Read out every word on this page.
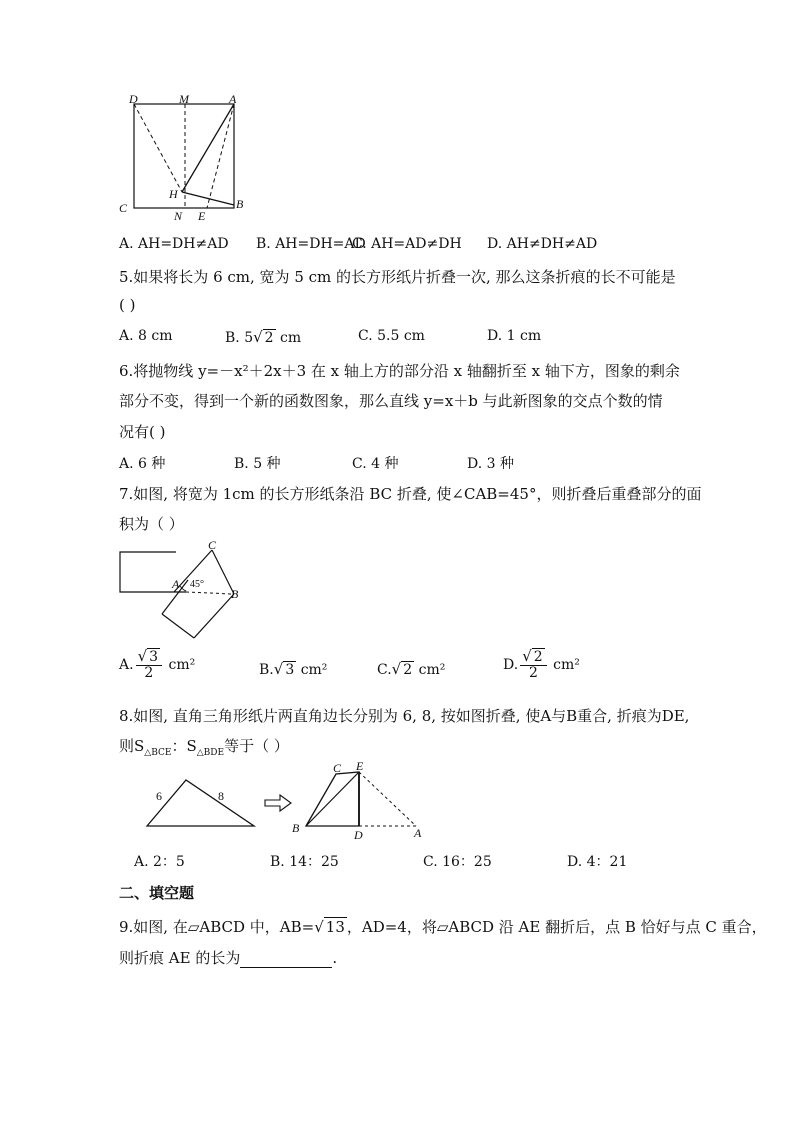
D	M	A
C
N E
B
H
A. AH=DH≠AD B. AH=DH=AD
C. AH=AD≠DH D. AH≠DH≠AD
5.如果将长为 6 cm, 宽为 5 cm 的长方形纸片折叠一次, 那么这条折痕的长不可能是
( )
A. 8 cm	B. 5√ 2 cm	C. 5.5 cm	D. 1 cm
6.将抛物线 y=－x²＋2x＋3 在 x 轴上方的部分沿 x 轴翻折至 x 轴下方，图象的剩余
部分不变，得到一个新的函数图象，那么直线 y=x＋b 与此新图象的交点个数的情
况有( )
A. 6 种	B. 5 种	C. 4 种	D. 3 种
7.如图, 将宽为 1cm 的长方形纸条沿 BC 折叠, 使∠CAB=45°，则折叠后重叠部分的面
积为（ ）
C
A
B
45°
A. $\frac{√ 3}{2} cm^2$	B.√ 3 cm²	C.√ 2 cm²	D. $\frac{√ 2}{2} cm^2$
8.如图, 直角三角形纸片两直角边长分别为 6, 8, 按如图折叠, 使A与B重合, 折痕为DE,
则$S_{\triangle BCE}$：$S_{\triangle BDE}$等于（ ）
6	8
C E
B	D	A
A. 2：5	B. 14：25	C. 16：25	D. 4：21
二、填空题
9.如图, 在▱ABCD 中，AB=√ 13 ，AD=4，将▱ABCD 沿 AE 翻折后，点 B 恰好与点 C 重合，
则折痕 AE 的长为	.
